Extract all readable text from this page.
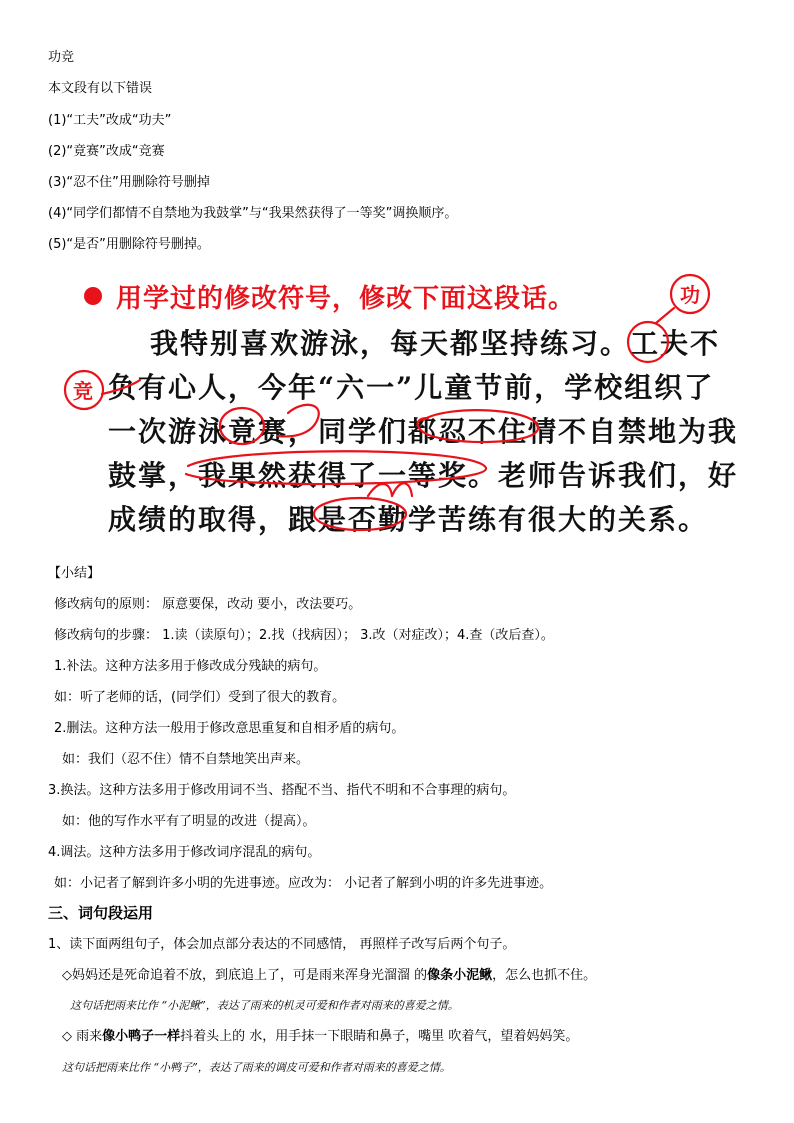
功竞
本文段有以下错误
(1)“工夫”改成“功夫”
(2)“竟赛”改成“竞赛
(3)“忍不住”用删除符号删掉
(4)“同学们都情不自禁地为我鼓掌”与“我果然获得了一等奖”调换顺序。
(5)“是否”用删除符号删掉。
用学过的修改符号，修改下面这段话。
我特别喜欢游泳，每天都坚持练习。工夫不
负有心人，今年“六一”儿童节前，学校组织了
一次游泳竟赛，同学们都忍不住情不自禁地为我
鼓掌，我果然获得了一等奖。老师告诉我们，好
成绩的取得，跟是否勤学苦练有很大的关系。
功
竞
【小结】
修改病句的原则： 原意要保，改动 要小，改法要巧。
修改病句的步骤： 1.读（读原句）；2.找（找病因）； 3.改（对症改）；4.查（改后查）。
1.补法。这种方法多用于修改成分残缺的病句。
如：听了老师的话，(同学们）受到了很大的教育。
2.删法。这种方法一般用于修改意思重复和自相矛盾的病句。
如：我们（忍不住）情不自禁地笑出声来。
3.换法。这种方法多用于修改用词不当、搭配不当、指代不明和不合事理的病句。
如：他的写作水平有了明显的改进（提高）。
4.调法。这种方法多用于修改词序混乱的病句。
如：小记者了解到许多小明的先进事迹。应改为： 小记者了解到小明的许多先进事迹。
三、词句段运用
1、读下面两组句子，体会加点部分表达的不同感情， 再照样子改写后两个句子。
◇妈妈还是死命追着不放，到底追上了，可是雨来浑身光溜溜 的像条小泥鳅，怎么也抓不住。
这句话把雨来比作 “小泥鳅”，表达了雨来的机灵可爱和作者对雨来的喜爱之情。
◇ 雨来像小鸭子一样抖着头上的 水，用手抹一下眼睛和鼻子，嘴里 吹着气，望着妈妈笑。
这句话把雨来比作 “小鸭子”，表达了雨来的调皮可爱和作者对雨来的喜爱之情。
